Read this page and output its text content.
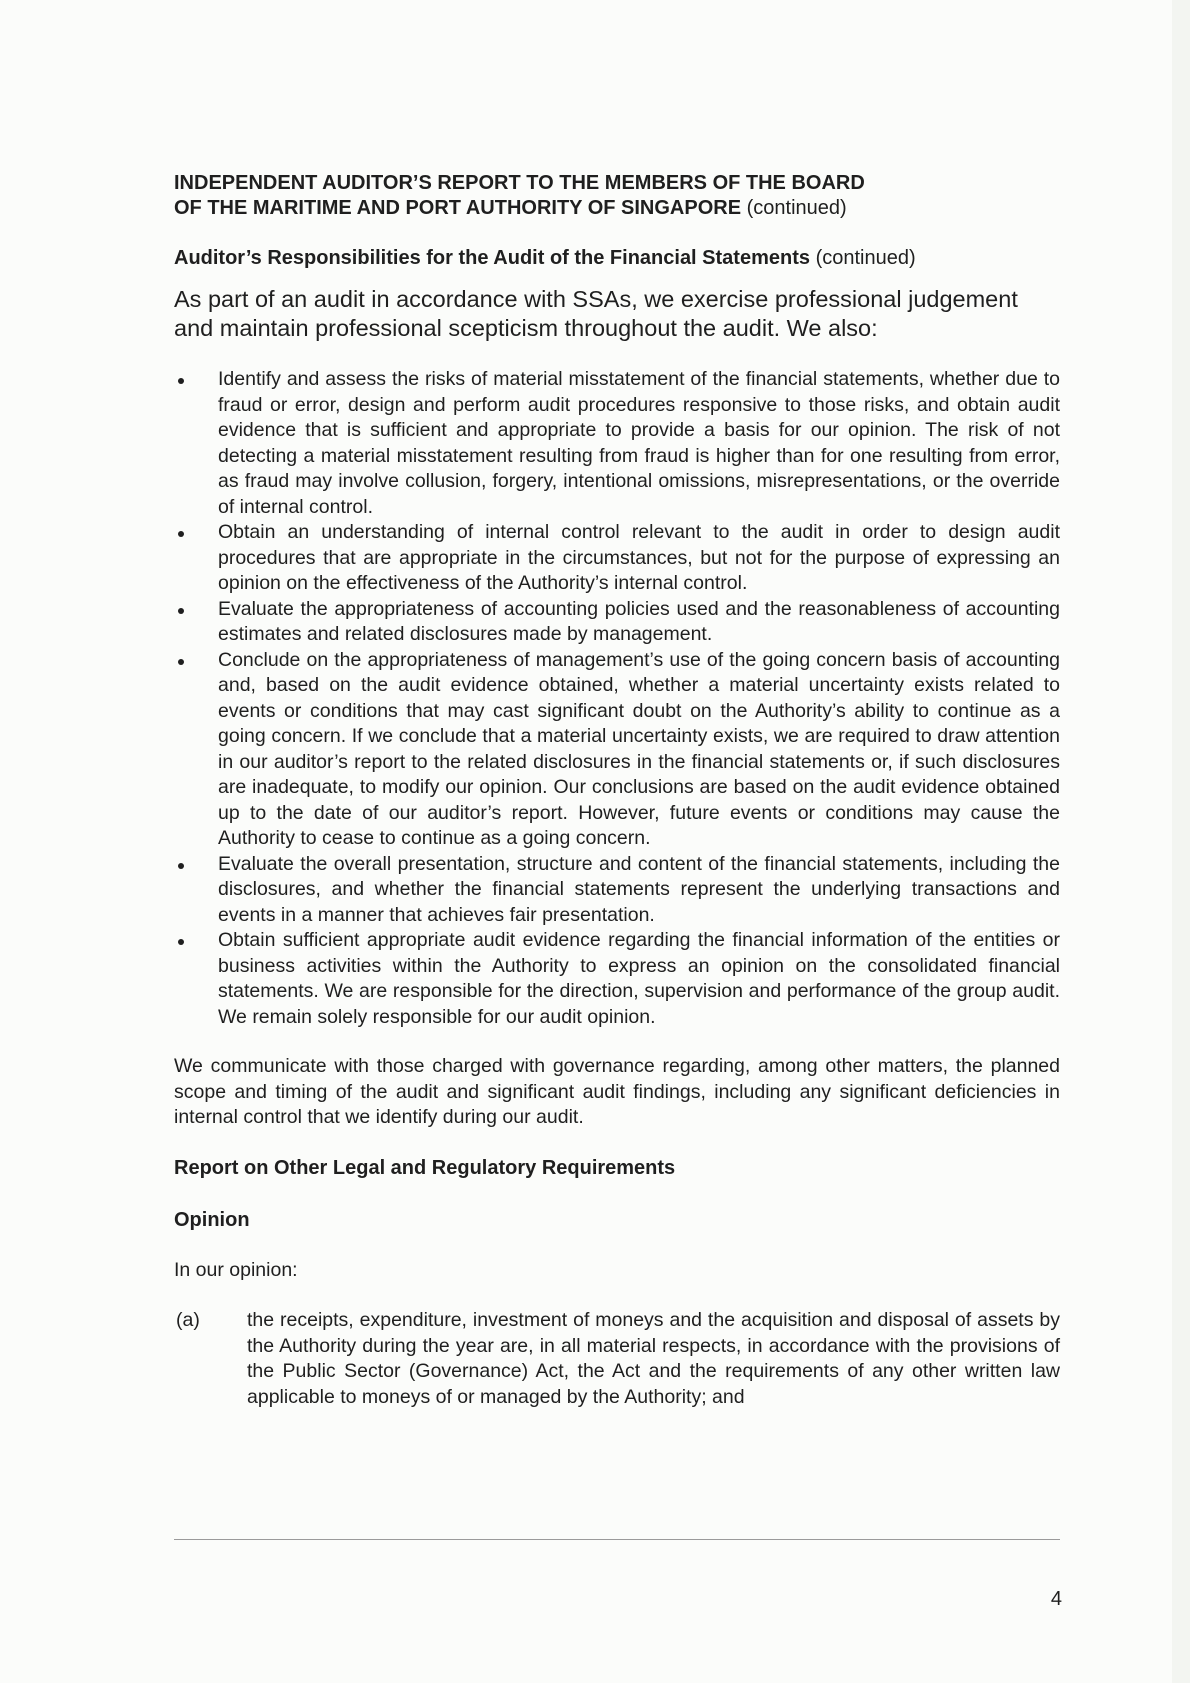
INDEPENDENT AUDITOR’S REPORT TO THE MEMBERS OF THE BOARD
OF THE MARITIME AND PORT AUTHORITY OF SINGAPORE (continued)
Auditor’s Responsibilities for the Audit of the Financial Statements (continued)

As part of an audit in accordance with SSAs, we exercise professional judgement and maintain professional scepticism throughout the audit. We also:

Identify and assess the risks of material misstatement of the financial statements, whether due to fraud or error, design and perform audit procedures responsive to those risks, and obtain audit evidence that is sufficient and appropriate to provide a basis for our opinion. The risk of not detecting a material misstatement resulting from fraud is higher than for one resulting from error, as fraud may involve collusion, forgery, intentional omissions, misrepresentations, or the override of internal control.
Obtain an understanding of internal control relevant to the audit in order to design audit procedures that are appropriate in the circumstances, but not for the purpose of expressing an opinion on the effectiveness of the Authority’s internal control.
Evaluate the appropriateness of accounting policies used and the reasonableness of accounting estimates and related disclosures made by management.
Conclude on the appropriateness of management’s use of the going concern basis of accounting and, based on the audit evidence obtained, whether a material uncertainty exists related to events or conditions that may cast significant doubt on the Authority’s ability to continue as a going concern. If we conclude that a material uncertainty exists, we are required to draw attention in our auditor’s report to the related disclosures in the financial statements or, if such disclosures are inadequate, to modify our opinion. Our conclusions are based on the audit evidence obtained up to the date of our auditor’s report. However, future events or conditions may cause the Authority to cease to continue as a going concern.
Evaluate the overall presentation, structure and content of the financial statements, including the disclosures, and whether the financial statements represent the underlying transactions and events in a manner that achieves fair presentation.
Obtain sufficient appropriate audit evidence regarding the financial information of the entities or business activities within the Authority to express an opinion on the consolidated financial statements. We are responsible for the direction, supervision and performance of the group audit. We remain solely responsible for our audit opinion.

We communicate with those charged with governance regarding, among other matters, the planned scope and timing of the audit and significant audit findings, including any significant deficiencies in internal control that we identify during our audit.

Report on Other Legal and Regulatory Requirements
Opinion

In our opinion:

(a) the receipts, expenditure, investment of moneys and the acquisition and disposal of assets by the Authority during the year are, in all material respects, in accordance with the provisions of the Public Sector (Governance) Act, the Act and the requirements of any other written law applicable to moneys of or managed by the Authority; and
4
